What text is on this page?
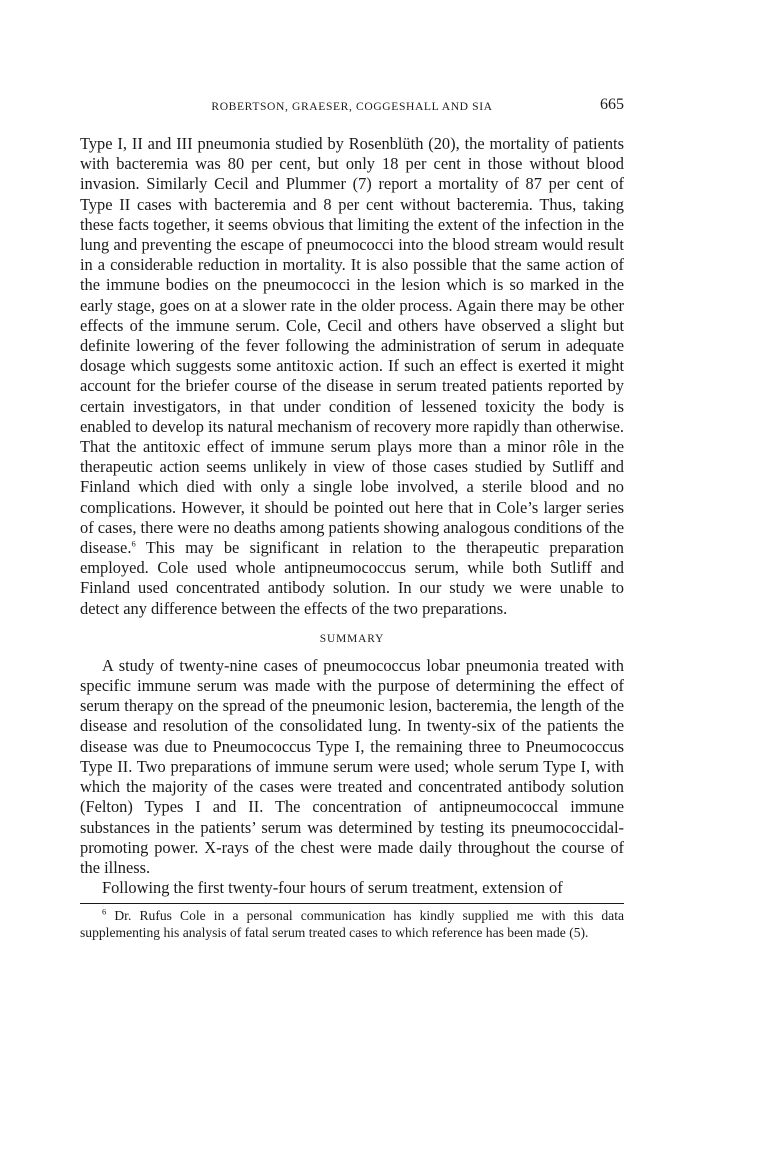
ROBERTSON, GRAESER, COGGESHALL AND SIA	665

Type I, II and III pneumonia studied by Rosenblüth (20), the mortality of patients with bacteremia was 80 per cent, but only 18 per cent in those without blood invasion. Similarly Cecil and Plummer (7) report a mortality of 87 per cent of Type II cases with bacteremia and 8 per cent without bacteremia. Thus, taking these facts together, it seems obvious that limiting the extent of the infection in the lung and preventing the escape of pneumococci into the blood stream would result in a considerable reduction in mortality. It is also possible that the same action of the immune bodies on the pneumococci in the lesion which is so marked in the early stage, goes on at a slower rate in the older process. Again there may be other effects of the immune serum. Cole, Cecil and others have observed a slight but definite lowering of the fever following the administration of serum in adequate dosage which suggests some antitoxic action. If such an effect is exerted it might account for the briefer course of the disease in serum treated patients reported by certain investigators, in that under condition of lessened toxicity the body is enabled to develop its natural mechanism of recovery more rapidly than otherwise. That the antitoxic effect of immune serum plays more than a minor rôle in the therapeutic action seems unlikely in view of those cases studied by Sutliff and Finland which died with only a single lobe involved, a sterile blood and no complications. However, it should be pointed out here that in Cole’s larger series of cases, there were no deaths among patients showing analogous conditions of the disease.$^6$ This may be significant in relation to the therapeutic preparation employed. Cole used whole antipneumococcus serum, while both Sutliff and Finland used concentrated antibody solution. In our study we were unable to detect any difference between the effects of the two preparations.

SUMMARY

A study of twenty-nine cases of pneumococcus lobar pneumonia treated with specific immune serum was made with the purpose of determining the effect of serum therapy on the spread of the pneumonic lesion, bacteremia, the length of the disease and resolution of the consolidated lung. In twenty-six of the patients the disease was due to Pneumococcus Type I, the remaining three to Pneumococcus Type II. Two preparations of immune serum were used; whole serum Type I, with which the majority of the cases were treated and concentrated antibody solution (Felton) Types I and II. The concentration of antipneumococcal immune substances in the patients’ serum was determined by testing its pneumococcidal-promoting power. X-rays of the chest were made daily throughout the course of the illness.

Following the first twenty-four hours of serum treatment, extension of

$^6$ Dr. Rufus Cole in a personal communication has kindly supplied me with this data supplementing his analysis of fatal serum treated cases to which reference has been made (5).
